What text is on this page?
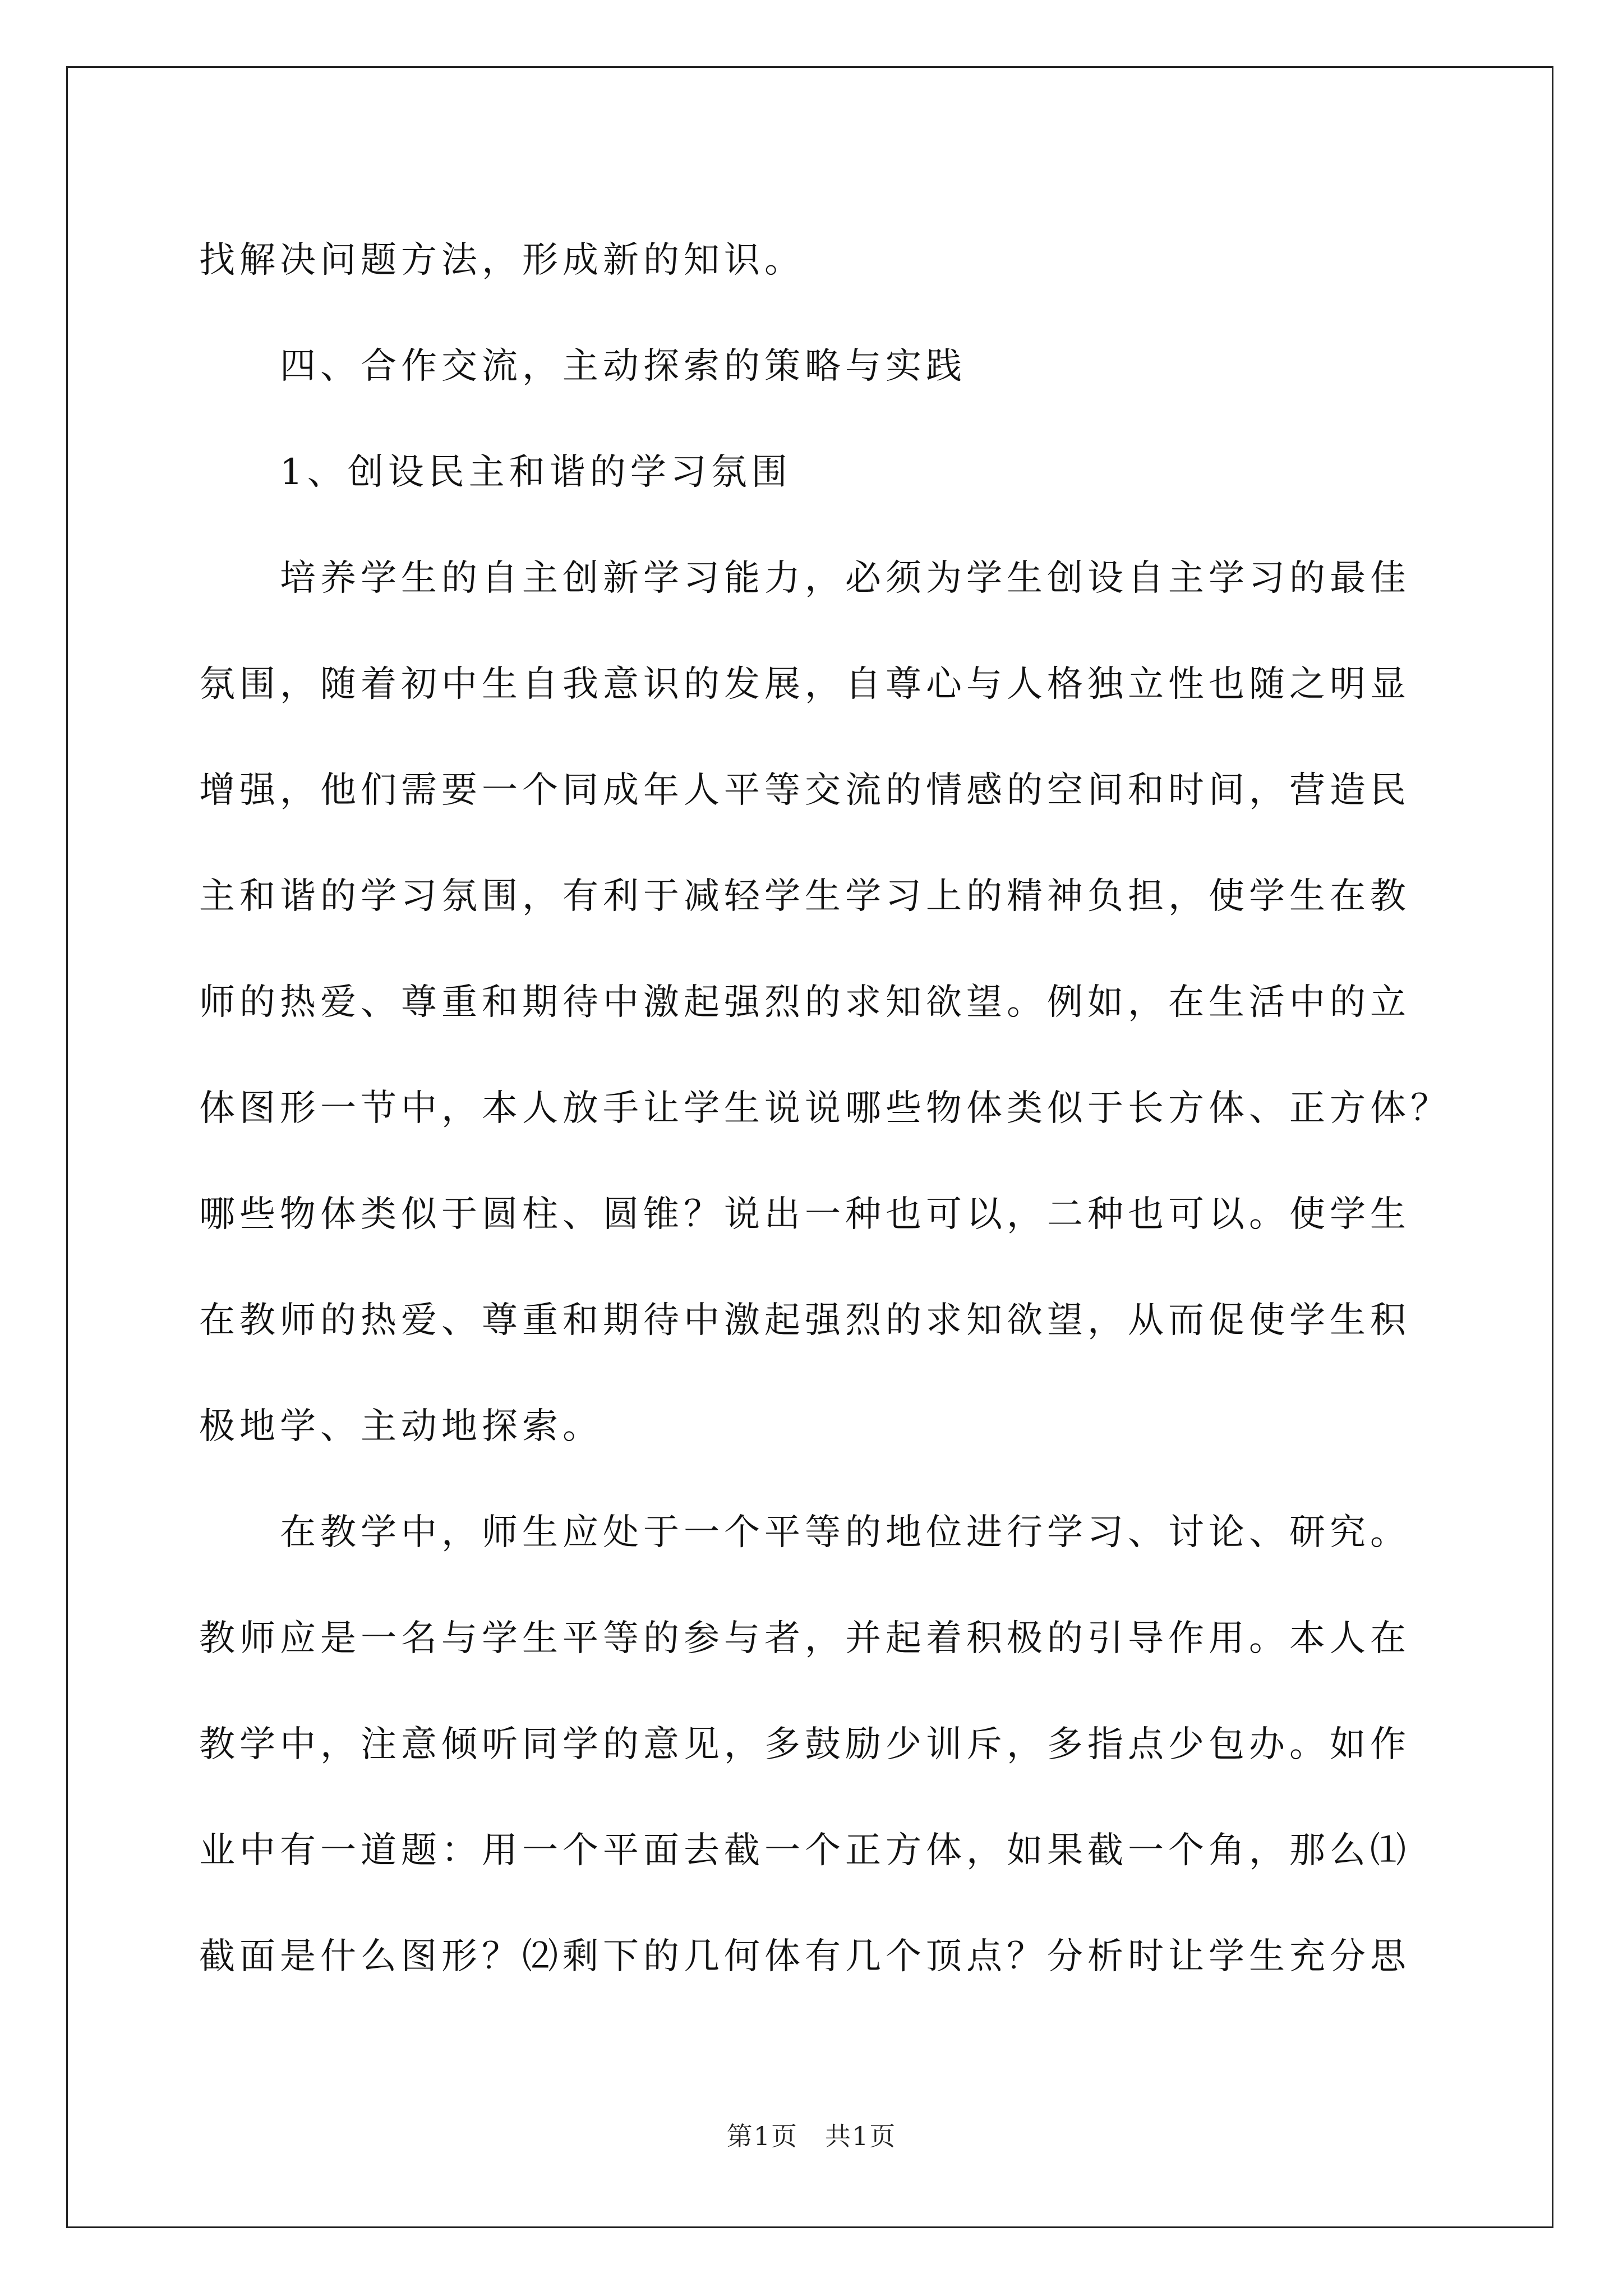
找解决问题方法，形成新的知识。
　　四、合作交流，主动探索的策略与实践
　　1、创设民主和谐的学习氛围
　　培养学生的自主创新学习能力，必须为学生创设自主学习的最佳
氛围，随着初中生自我意识的发展，自尊心与人格独立性也随之明显
增强，他们需要一个同成年人平等交流的情感的空间和时间，营造民
主和谐的学习氛围，有利于减轻学生学习上的精神负担，使学生在教
师的热爱、尊重和期待中激起强烈的求知欲望。例如，在生活中的立
体图形一节中，本人放手让学生说说哪些物体类似于长方体、正方体？
哪些物体类似于圆柱、圆锥？说出一种也可以，二种也可以。使学生
在教师的热爱、尊重和期待中激起强烈的求知欲望，从而促使学生积
极地学、主动地探索。
　　在教学中，师生应处于一个平等的地位进行学习、讨论、研究。
教师应是一名与学生平等的参与者，并起着积极的引导作用。本人在
教学中，注意倾听同学的意见，多鼓励少训斥，多指点少包办。如作
业中有一道题：用一个平面去截一个正方体，如果截一个角，那么⑴
截面是什么图形？⑵剩下的几何体有几个顶点？分析时让学生充分思
第1页　共1页
